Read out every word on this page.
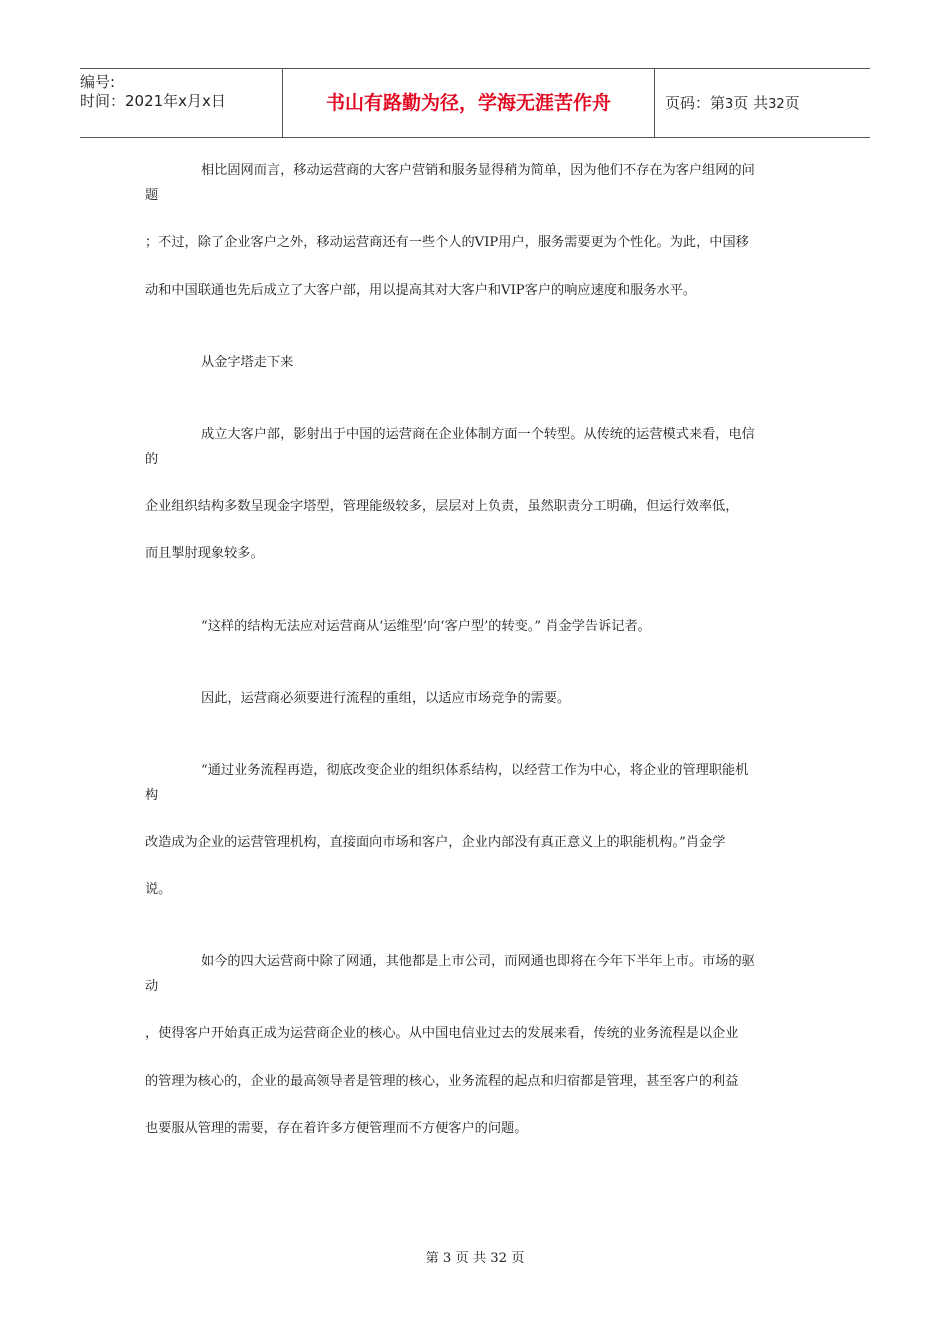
编号:
时间：2021年x月x日	书山有路勤为径，学海无涯苦作舟	页码：第3页 共32页
相比固网而言，移动运营商的大客户营销和服务显得稍为简单，因为他们不存在为客户组网的问
题
；不过，除了企业客户之外，移动运营商还有一些个人的VIP用户，服务需要更为个性化。为此，中国移
动和中国联通也先后成立了大客户部，用以提高其对大客户和VIP客户的响应速度和服务水平。
从金字塔走下来
成立大客户部，影射出于中国的运营商在企业体制方面一个转型。从传统的运营模式来看，电信
的
企业组织结构多数呈现金字塔型，管理能级较多，层层对上负责，虽然职责分工明确，但运行效率低，
而且掣肘现象较多。
“这样的结构无法应对运营商从‘运维型’向‘客户型’的转变。” 肖金学告诉记者。
因此，运营商必须要进行流程的重组，以适应市场竞争的需要。
“通过业务流程再造，彻底改变企业的组织体系结构，以经营工作为中心，将企业的管理职能机
构
改造成为企业的运营管理机构，直接面向市场和客户，企业内部没有真正意义上的职能机构。”肖金学
说。
如今的四大运营商中除了网通，其他都是上市公司，而网通也即将在今年下半年上市。市场的驱
动
，使得客户开始真正成为运营商企业的核心。从中国电信业过去的发展来看，传统的业务流程是以企业
的管理为核心的，企业的最高领导者是管理的核心，业务流程的起点和归宿都是管理，甚至客户的利益
也要服从管理的需要，存在着许多方便管理而不方便客户的问题。
第 3 页 共 32 页
